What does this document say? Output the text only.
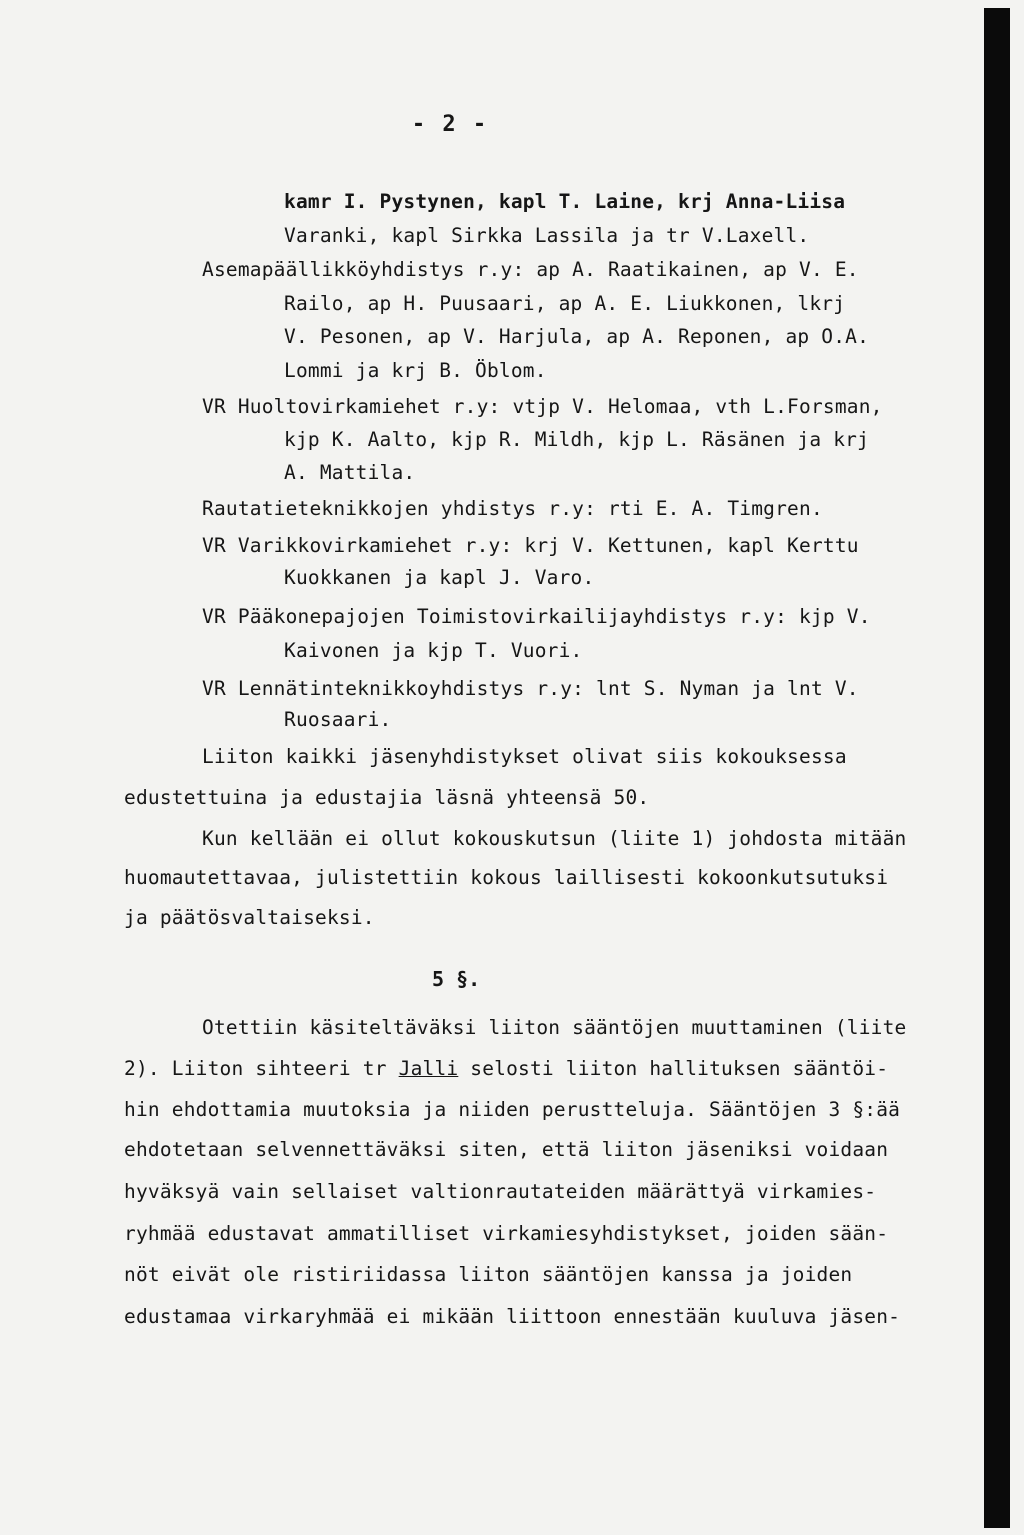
- 2 -
kamr I. Pystynen, kapl T. Laine, krj Anna-Liisa
Varanki, kapl Sirkka Lassila ja tr V.Laxell.
Asemapäällikköyhdistys r.y: ap A. Raatikainen, ap V. E.
Railo, ap H. Puusaari, ap A. E. Liukkonen, lkrj
V. Pesonen, ap V. Harjula, ap A. Reponen, ap O.A.
Lommi ja krj B. Öblom.
VR Huoltovirkamiehet r.y: vtjp V. Helomaa, vth L.Forsman,
kjp K. Aalto, kjp R. Mildh, kjp L. Räsänen ja krj
A. Mattila.
Rautatieteknikkojen yhdistys r.y: rti E. A. Timgren.
VR Varikkovirkamiehet r.y: krj V. Kettunen, kapl Kerttu
Kuokkanen ja kapl J. Varo.
VR Pääkonepajojen Toimistovirkailijayhdistys r.y: kjp V.
Kaivonen ja kjp T. Vuori.
VR Lennätinteknikkoyhdistys r.y: lnt S. Nyman ja lnt V.
Ruosaari.
Liiton kaikki jäsenyhdistykset olivat siis kokouksessa
edustettuina ja edustajia läsnä yhteensä 50.
Kun kellään ei ollut kokouskutsun (liite 1) johdosta mitään
huomautettavaa, julistettiin kokous laillisesti kokoonkutsutuksi
ja päätösvaltaiseksi.
5 §.
Otettiin käsiteltäväksi liiton sääntöjen muuttaminen (liite
2). Liiton sihteeri tr Jalli selosti liiton hallituksen sääntöi-
hin ehdottamia muutoksia ja niiden perustteluja. Sääntöjen 3 §:ää
ehdotetaan selvennettäväksi siten, että liiton jäseniksi voidaan
hyväksyä vain sellaiset valtionrautateiden määrättyä virkamies-
ryhmää edustavat ammatilliset virkamiesyhdistykset, joiden sään-
nöt eivät ole ristiriidassa liiton sääntöjen kanssa ja joiden
edustamaa virkaryhmää ei mikään liittoon ennestään kuuluva jäsen-
